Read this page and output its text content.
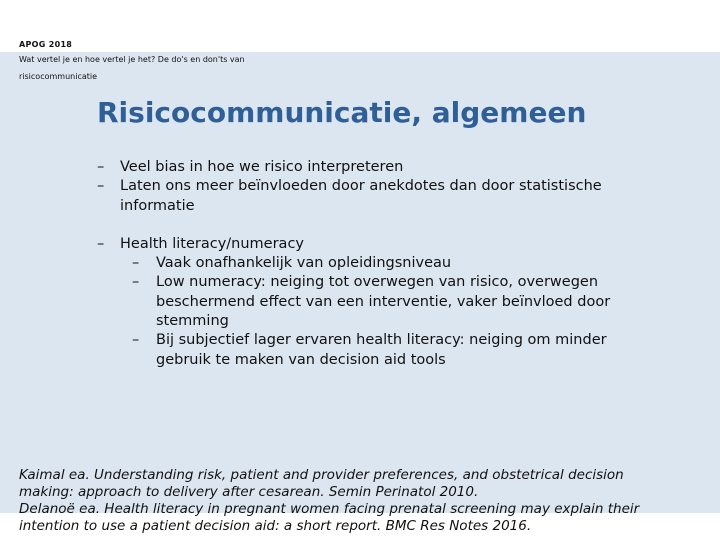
APOG 2018
Wat vertel je en hoe vertel je het? De do's en don'ts van
risicocommunicatie
Risicocommunicatie, algemeen
– Veel bias in hoe we risico interpreteren
– Laten ons meer beïnvloeden door anekdotes dan door statistische
informatie
– Health literacy/numeracy
– Vaak onafhankelijk van opleidingsniveau
– Low numeracy: neiging tot overwegen van risico, overwegen
beschermend effect van een interventie, vaker beïnvloed door
stemming
– Bij subjectief lager ervaren health literacy: neiging om minder
gebruik te maken van decision aid tools
Kaimal ea. Understanding risk, patient and provider preferences, and obstetrical decision
making: approach to delivery after cesarean. Semin Perinatol 2010.
Delanoë ea. Health literacy in pregnant women facing prenatal screening may explain their
intention to use a patient decision aid: a short report. BMC Res Notes 2016.
